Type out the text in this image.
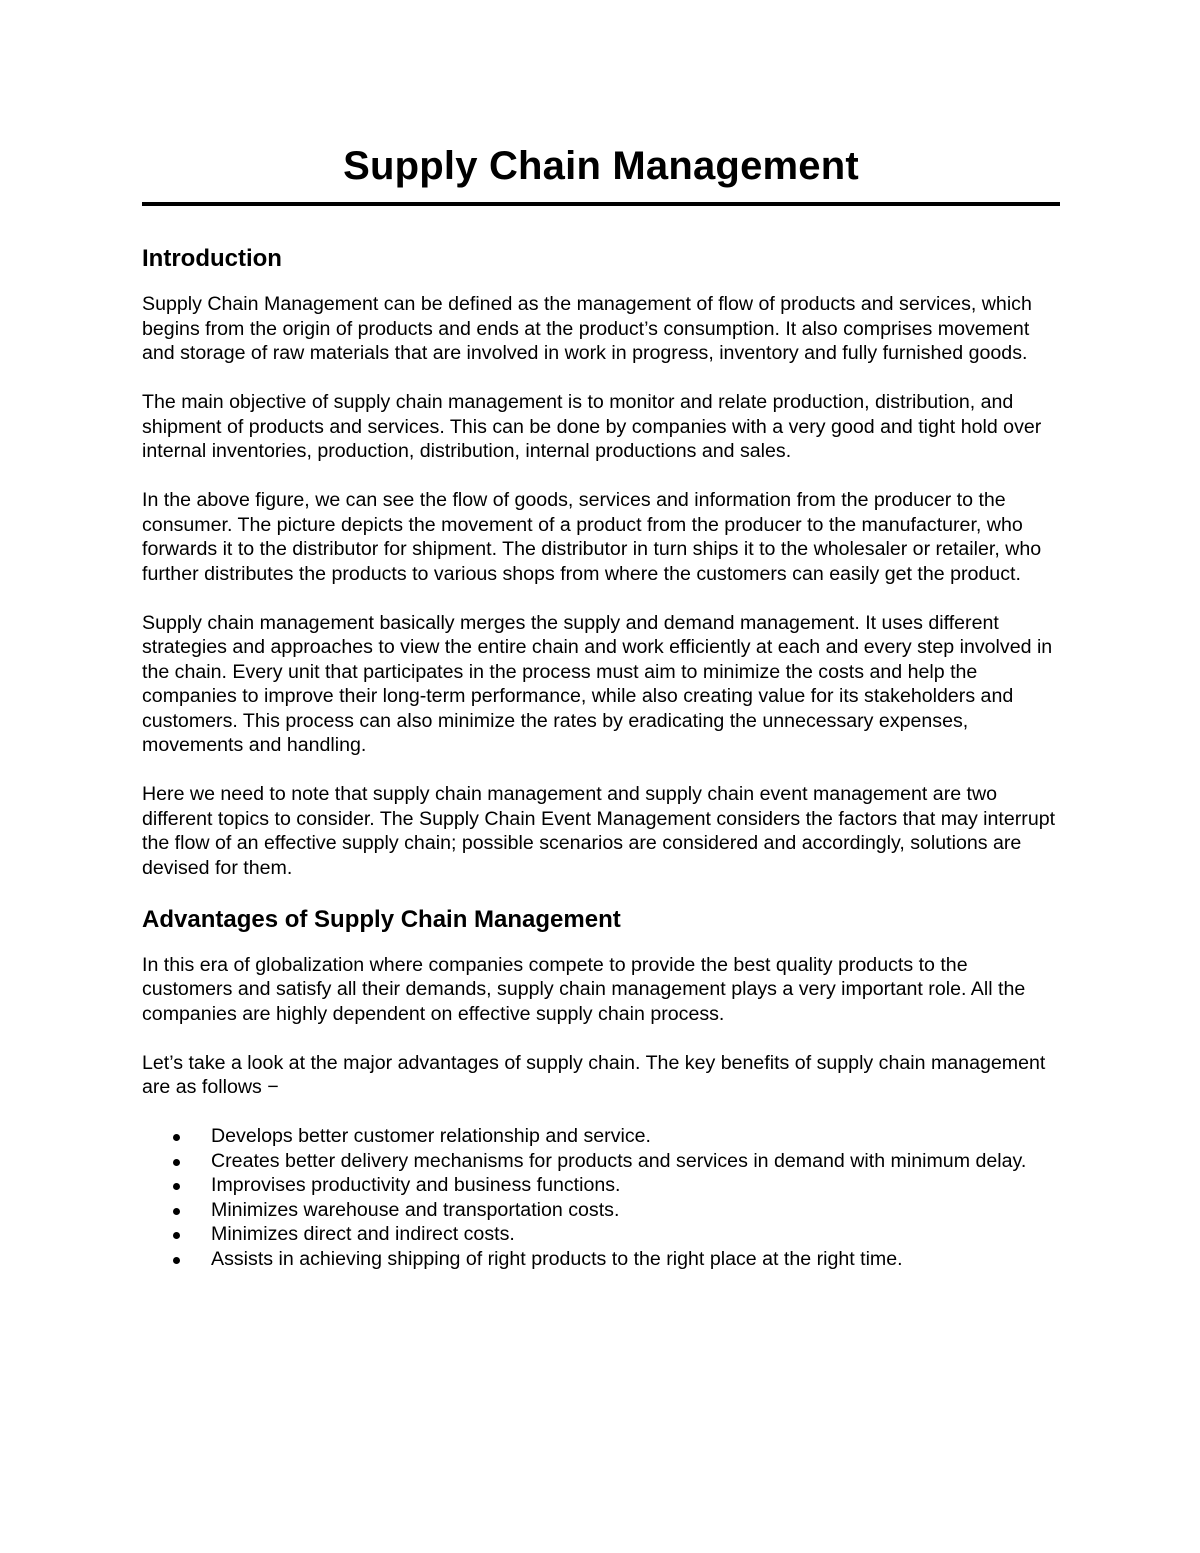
Supply Chain Management
Introduction

Supply Chain Management can be defined as the management of flow of products and services, which begins from the origin of products and ends at the product’s consumption. It also comprises movement and storage of raw materials that are involved in work in progress, inventory and fully furnished goods.

The main objective of supply chain management is to monitor and relate production, distribution, and shipment of products and services. This can be done by companies with a very good and tight hold over internal inventories, production, distribution, internal productions and sales.

In the above figure, we can see the flow of goods, services and information from the producer to the consumer. The picture depicts the movement of a product from the producer to the manufacturer, who forwards it to the distributor for shipment. The distributor in turn ships it to the wholesaler or retailer, who further distributes the products to various shops from where the customers can easily get the product.

Supply chain management basically merges the supply and demand management. It uses different strategies and approaches to view the entire chain and work efficiently at each and every step involved in the chain. Every unit that participates in the process must aim to minimize the costs and help the companies to improve their long-term performance, while also creating value for its stakeholders and customers. This process can also minimize the rates by eradicating the unnecessary expenses, movements and handling.

Here we need to note that supply chain management and supply chain event management are two different topics to consider. The Supply Chain Event Management considers the factors that may interrupt the flow of an effective supply chain; possible scenarios are considered and accordingly, solutions are devised for them.

Advantages of Supply Chain Management

In this era of globalization where companies compete to provide the best quality products to the customers and satisfy all their demands, supply chain management plays a very important role. All the companies are highly dependent on effective supply chain process.

Let’s take a look at the major advantages of supply chain. The key benefits of supply chain management are as follows −

Develops better customer relationship and service.
Creates better delivery mechanisms for products and services in demand with minimum delay.
Improvises productivity and business functions.
Minimizes warehouse and transportation costs.
Minimizes direct and indirect costs.
Assists in achieving shipping of right products to the right place at the right time.
